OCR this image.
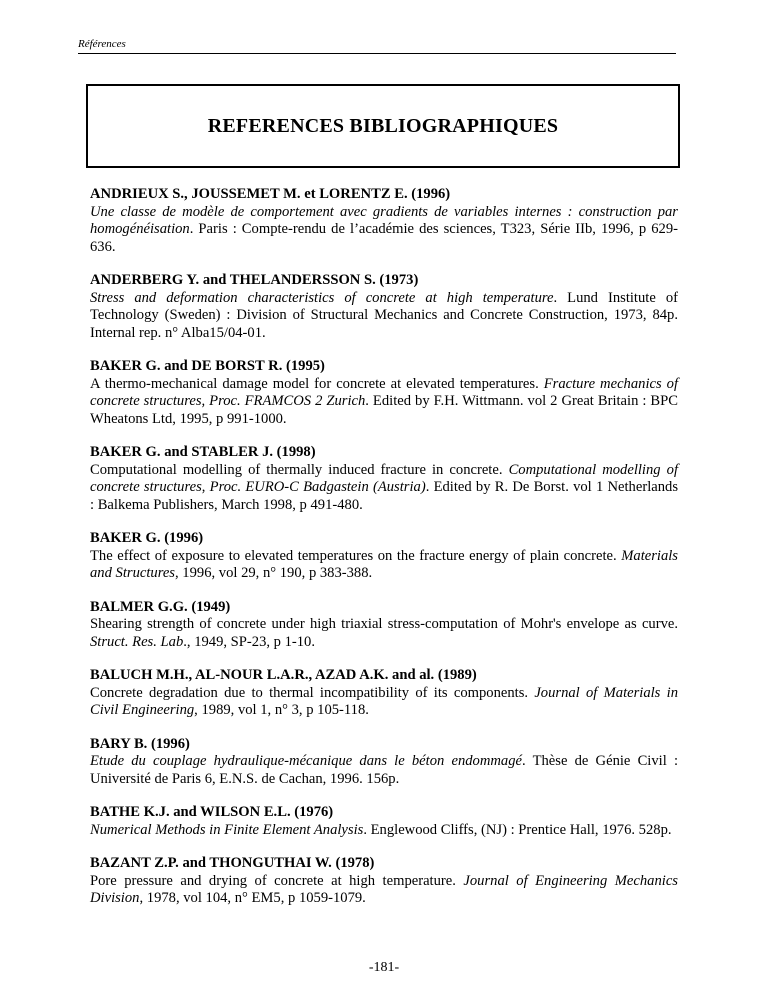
Références
REFERENCES BIBLIOGRAPHIQUES
ANDRIEUX S., JOUSSEMET M. et LORENTZ E. (1996)
Une classe de modèle de comportement avec gradients de variables internes : construction par homogénéisation. Paris : Compte-rendu de l’académie des sciences, T323, Série IIb, 1996, p 629-636.
ANDERBERG Y. and THELANDERSSON S. (1973)
Stress and deformation characteristics of concrete at high temperature. Lund Institute of Technology (Sweden) : Division of Structural Mechanics and Concrete Construction, 1973, 84p. Internal rep. n° Alba15/04-01.
BAKER G. and DE BORST R. (1995)
A thermo-mechanical damage model for concrete at elevated temperatures. Fracture mechanics of concrete structures, Proc. FRAMCOS 2 Zurich. Edited by F.H. Wittmann. vol 2 Great Britain : BPC Wheatons Ltd, 1995, p 991-1000.
BAKER G. and STABLER J. (1998)
Computational modelling of thermally induced fracture in concrete. Computational modelling of concrete structures, Proc. EURO-C Badgastein (Austria). Edited by R. De Borst. vol 1 Netherlands : Balkema Publishers, March 1998, p 491-480.
BAKER G. (1996)
The effect of exposure to elevated temperatures on the fracture energy of plain concrete. Materials and Structures, 1996, vol 29, n° 190, p 383-388.
BALMER G.G. (1949)
Shearing strength of concrete under high triaxial stress-computation of Mohr's envelope as curve. Struct. Res. Lab., 1949, SP-23, p 1-10.
BALUCH M.H., AL-NOUR L.A.R., AZAD A.K. and al. (1989)
Concrete degradation due to thermal incompatibility of its components. Journal of Materials in Civil Engineering, 1989, vol 1, n° 3, p 105-118.
BARY B. (1996)
Etude du couplage hydraulique-mécanique dans le béton endommagé. Thèse de Génie Civil : Université de Paris 6, E.N.S. de Cachan, 1996. 156p.
BATHE K.J. and WILSON E.L. (1976)
Numerical Methods in Finite Element Analysis. Englewood Cliffs, (NJ) : Prentice Hall, 1976. 528p.
BAZANT Z.P. and THONGUTHAI W. (1978)
Pore pressure and drying of concrete at high temperature. Journal of Engineering Mechanics Division, 1978, vol 104, n° EM5, p 1059-1079.
-181-
